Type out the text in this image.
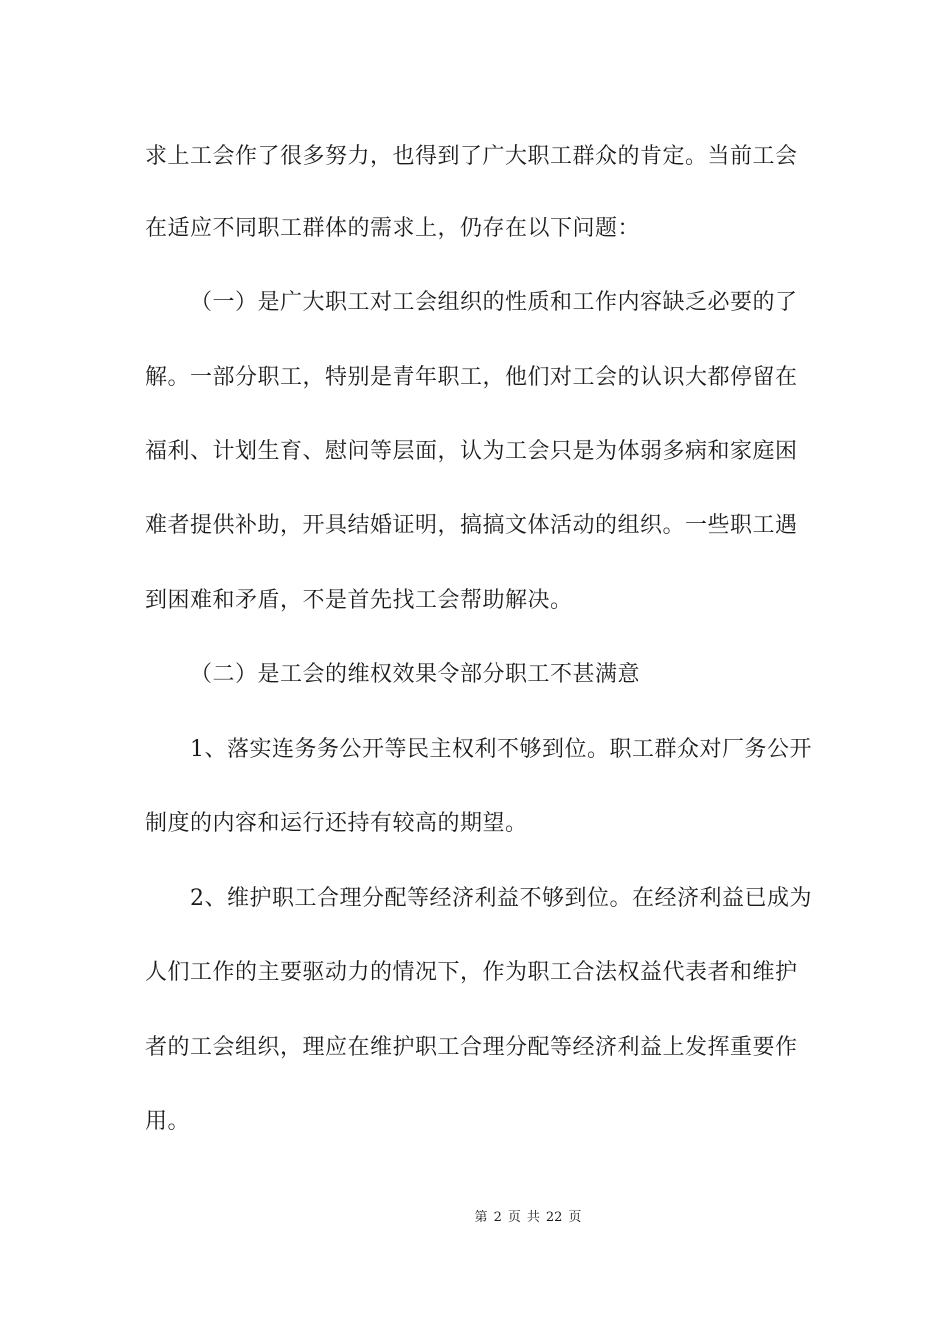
求上工会作了很多努力，也得到了广大职工群众的肯定。当前工会
在适应不同职工群体的需求上，仍存在以下问题：
（一）是广大职工对工会组织的性质和工作内容缺乏必要的了
解。一部分职工，特别是青年职工，他们对工会的认识大都停留在
福利、计划生育、慰问等层面，认为工会只是为体弱多病和家庭困
难者提供补助，开具结婚证明，搞搞文体活动的组织。一些职工遇
到困难和矛盾，不是首先找工会帮助解决。
（二）是工会的维权效果令部分职工不甚满意
1、落实连务务公开等民主权利不够到位。职工群众对厂务公开
制度的内容和运行还持有较高的期望。
2、维护职工合理分配等经济利益不够到位。在经济利益已成为
人们工作的主要驱动力的情况下，作为职工合法权益代表者和维护
者的工会组织，理应在维护职工合理分配等经济利益上发挥重要作
用。
第 2 页 共 22 页
